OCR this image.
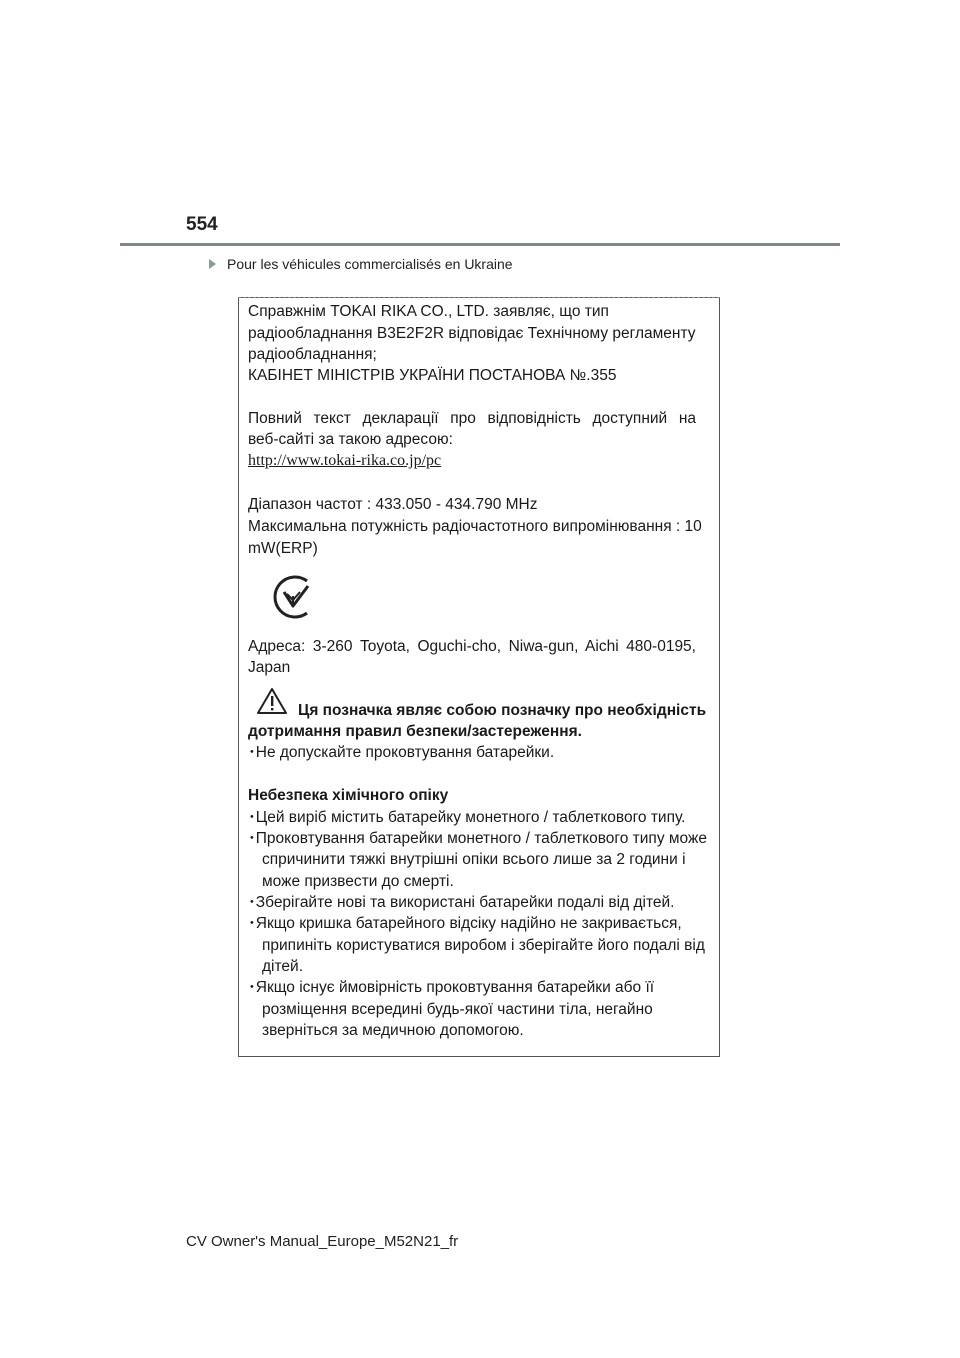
554
Pour les véhicules commercialisés en Ukraine
Справжнім TOKAI RIKA CO., LTD. заявляє, що тип
радіообладнання B3E2F2R відповідає Технічному регламенту
радіообладнання;
КАБІНЕТ МІНІСТРІВ УКРАЇНИ ПОСТАНОВА №.355
Повний текст декларації про відповідність доступний на
веб-сайті за такою адресою:
http://www.tokai-rika.co.jp/pc
Діапазон частот : 433.050 - 434.790 MHz
Максимальна потужність радіочастотного випромінювання : 10
mW(ERP)
Адреса: 3-260 Toyota, Oguchi-cho, Niwa-gun, Aichi 480-0195,
Japan
Ця позначка являє собою позначку про необхідність
дотримання правил безпеки/застереження.
･Не допускайте проковтування батарейки.
Небезпека хімічного опіку
･Цей виріб містить батарейку монетного / таблеткового типу.
･Проковтування батарейки монетного / таблеткового типу може
спричинити тяжкі внутрішні опіки всього лише за 2 години і
може призвести до смерті.
･Зберігайте нові та використані батарейки подалі від дітей.
･Якщо кришка батарейного відсіку надійно не закривається,
припиніть користуватися виробом і зберігайте його подалі від
дітей.
･Якщо існує ймовірність проковтування батарейки або її
розміщення всередині будь-якої частини тіла, негайно
зверніться за медичною допомогою.
CV Owner's Manual_Europe_M52N21_fr
